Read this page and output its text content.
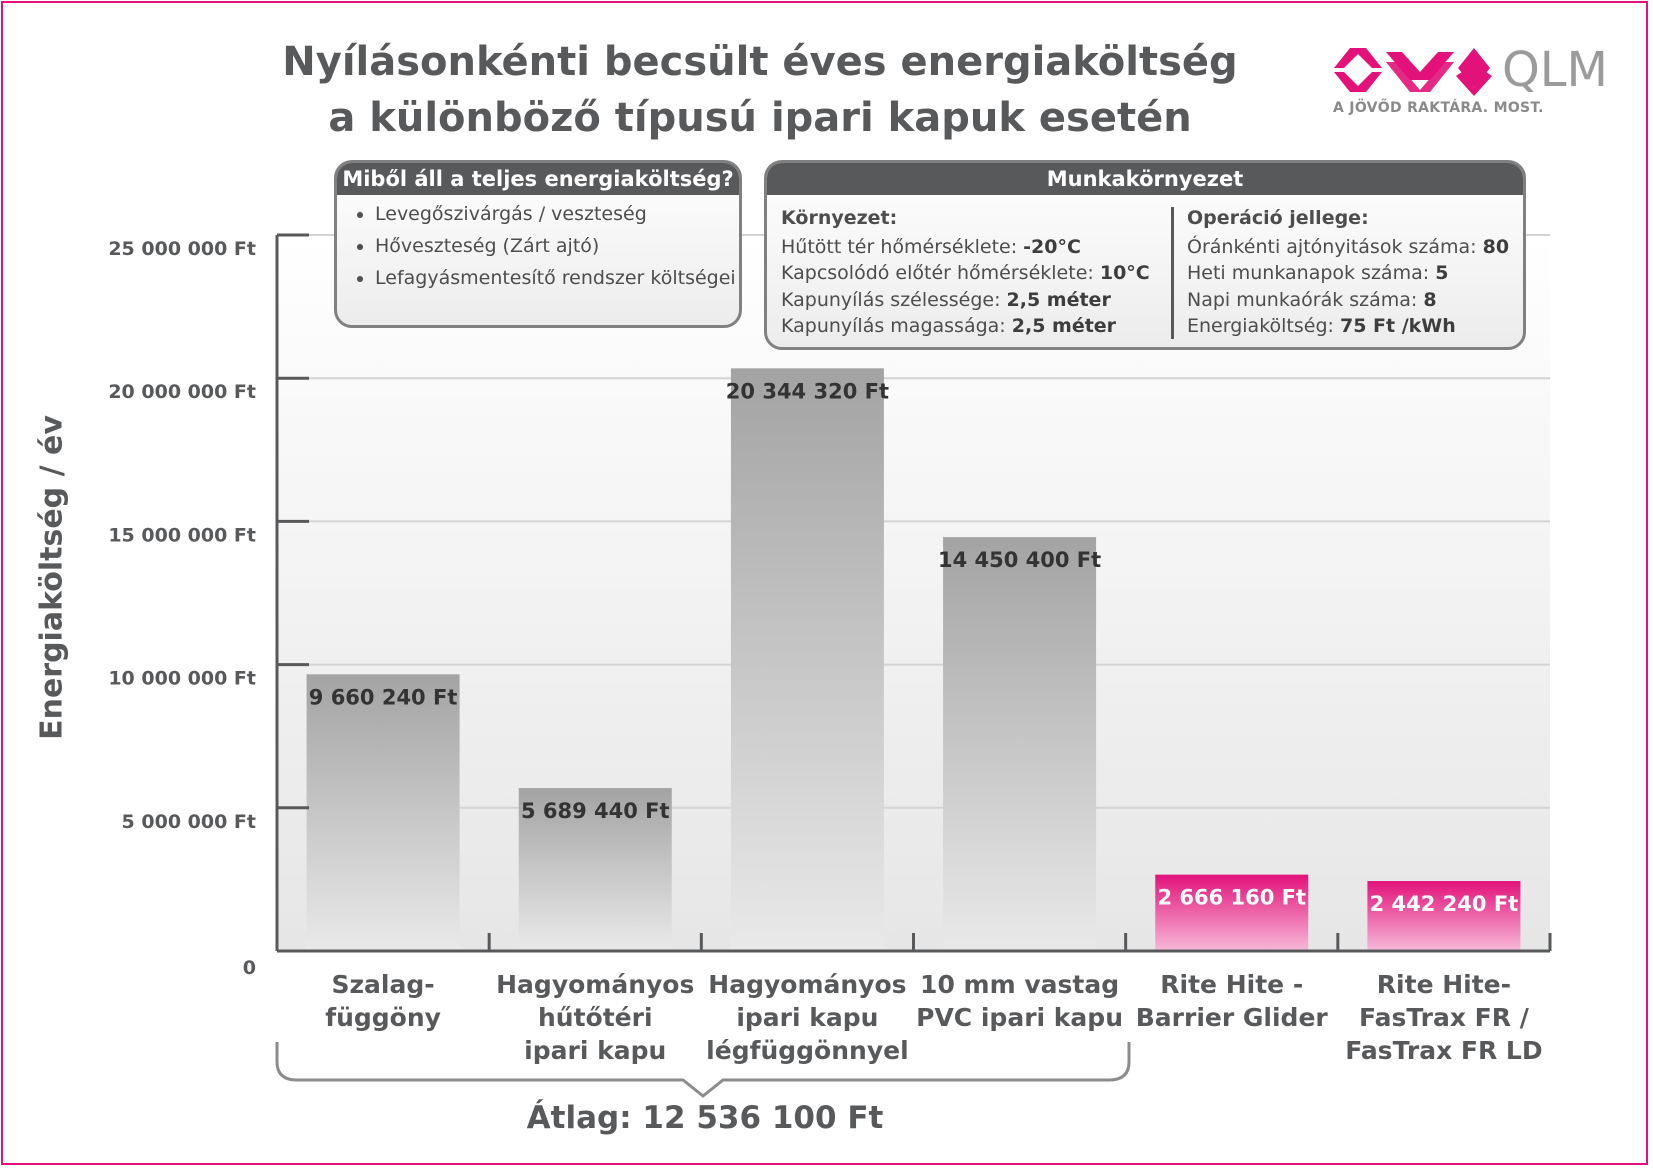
Nyílásonkénti becsült éves energiaköltség
a különböző típusú ipari kapuk esetén
QLM
A JÖVŐD RAKTÁRA. MOST.
0
5 000 000 Ft
10 000 000 Ft
15 000 000 Ft
20 000 000 Ft
25 000 000 Ft
9 660 240 Ft
Szalag-függöny
5 689 440 Ft
Hagyományos hűtőtéri ipari kapu
20 344 320 Ft
Hagyományos ipari kapu légfüggönnyel
14 450 400 Ft
10 mm vastag PVC ipari kapu
2 666 160 Ft
Rite Hite -Barrier Glider
2 442 240 Ft
Rite Hite-FasTrax FR / FasTrax FR LD
Miből áll a teljes energiaköltség?
• Levegőszivárgás / veszteség
• Hőveszteség (Zárt ajtó)
• Lefagyásmentesítő rendszer költségei
Munkakörnyezet
Környezet:
Hűtött tér hőmérséklete: -20°C
Kapcsolódó előtér hőmérséklete: 10°C
Kapunyílás szélessége: 2,5 méter
Kapunyílás magassága: 2,5 méter
Operáció jellege:
Óránkénti ajtónyitások száma: 80
Heti munkanapok száma: 5
Napi munkaórák száma: 8
Energiaköltség: 75 Ft /kWh
Energiaköltség / év
Átlag: 12 536 100 Ft
